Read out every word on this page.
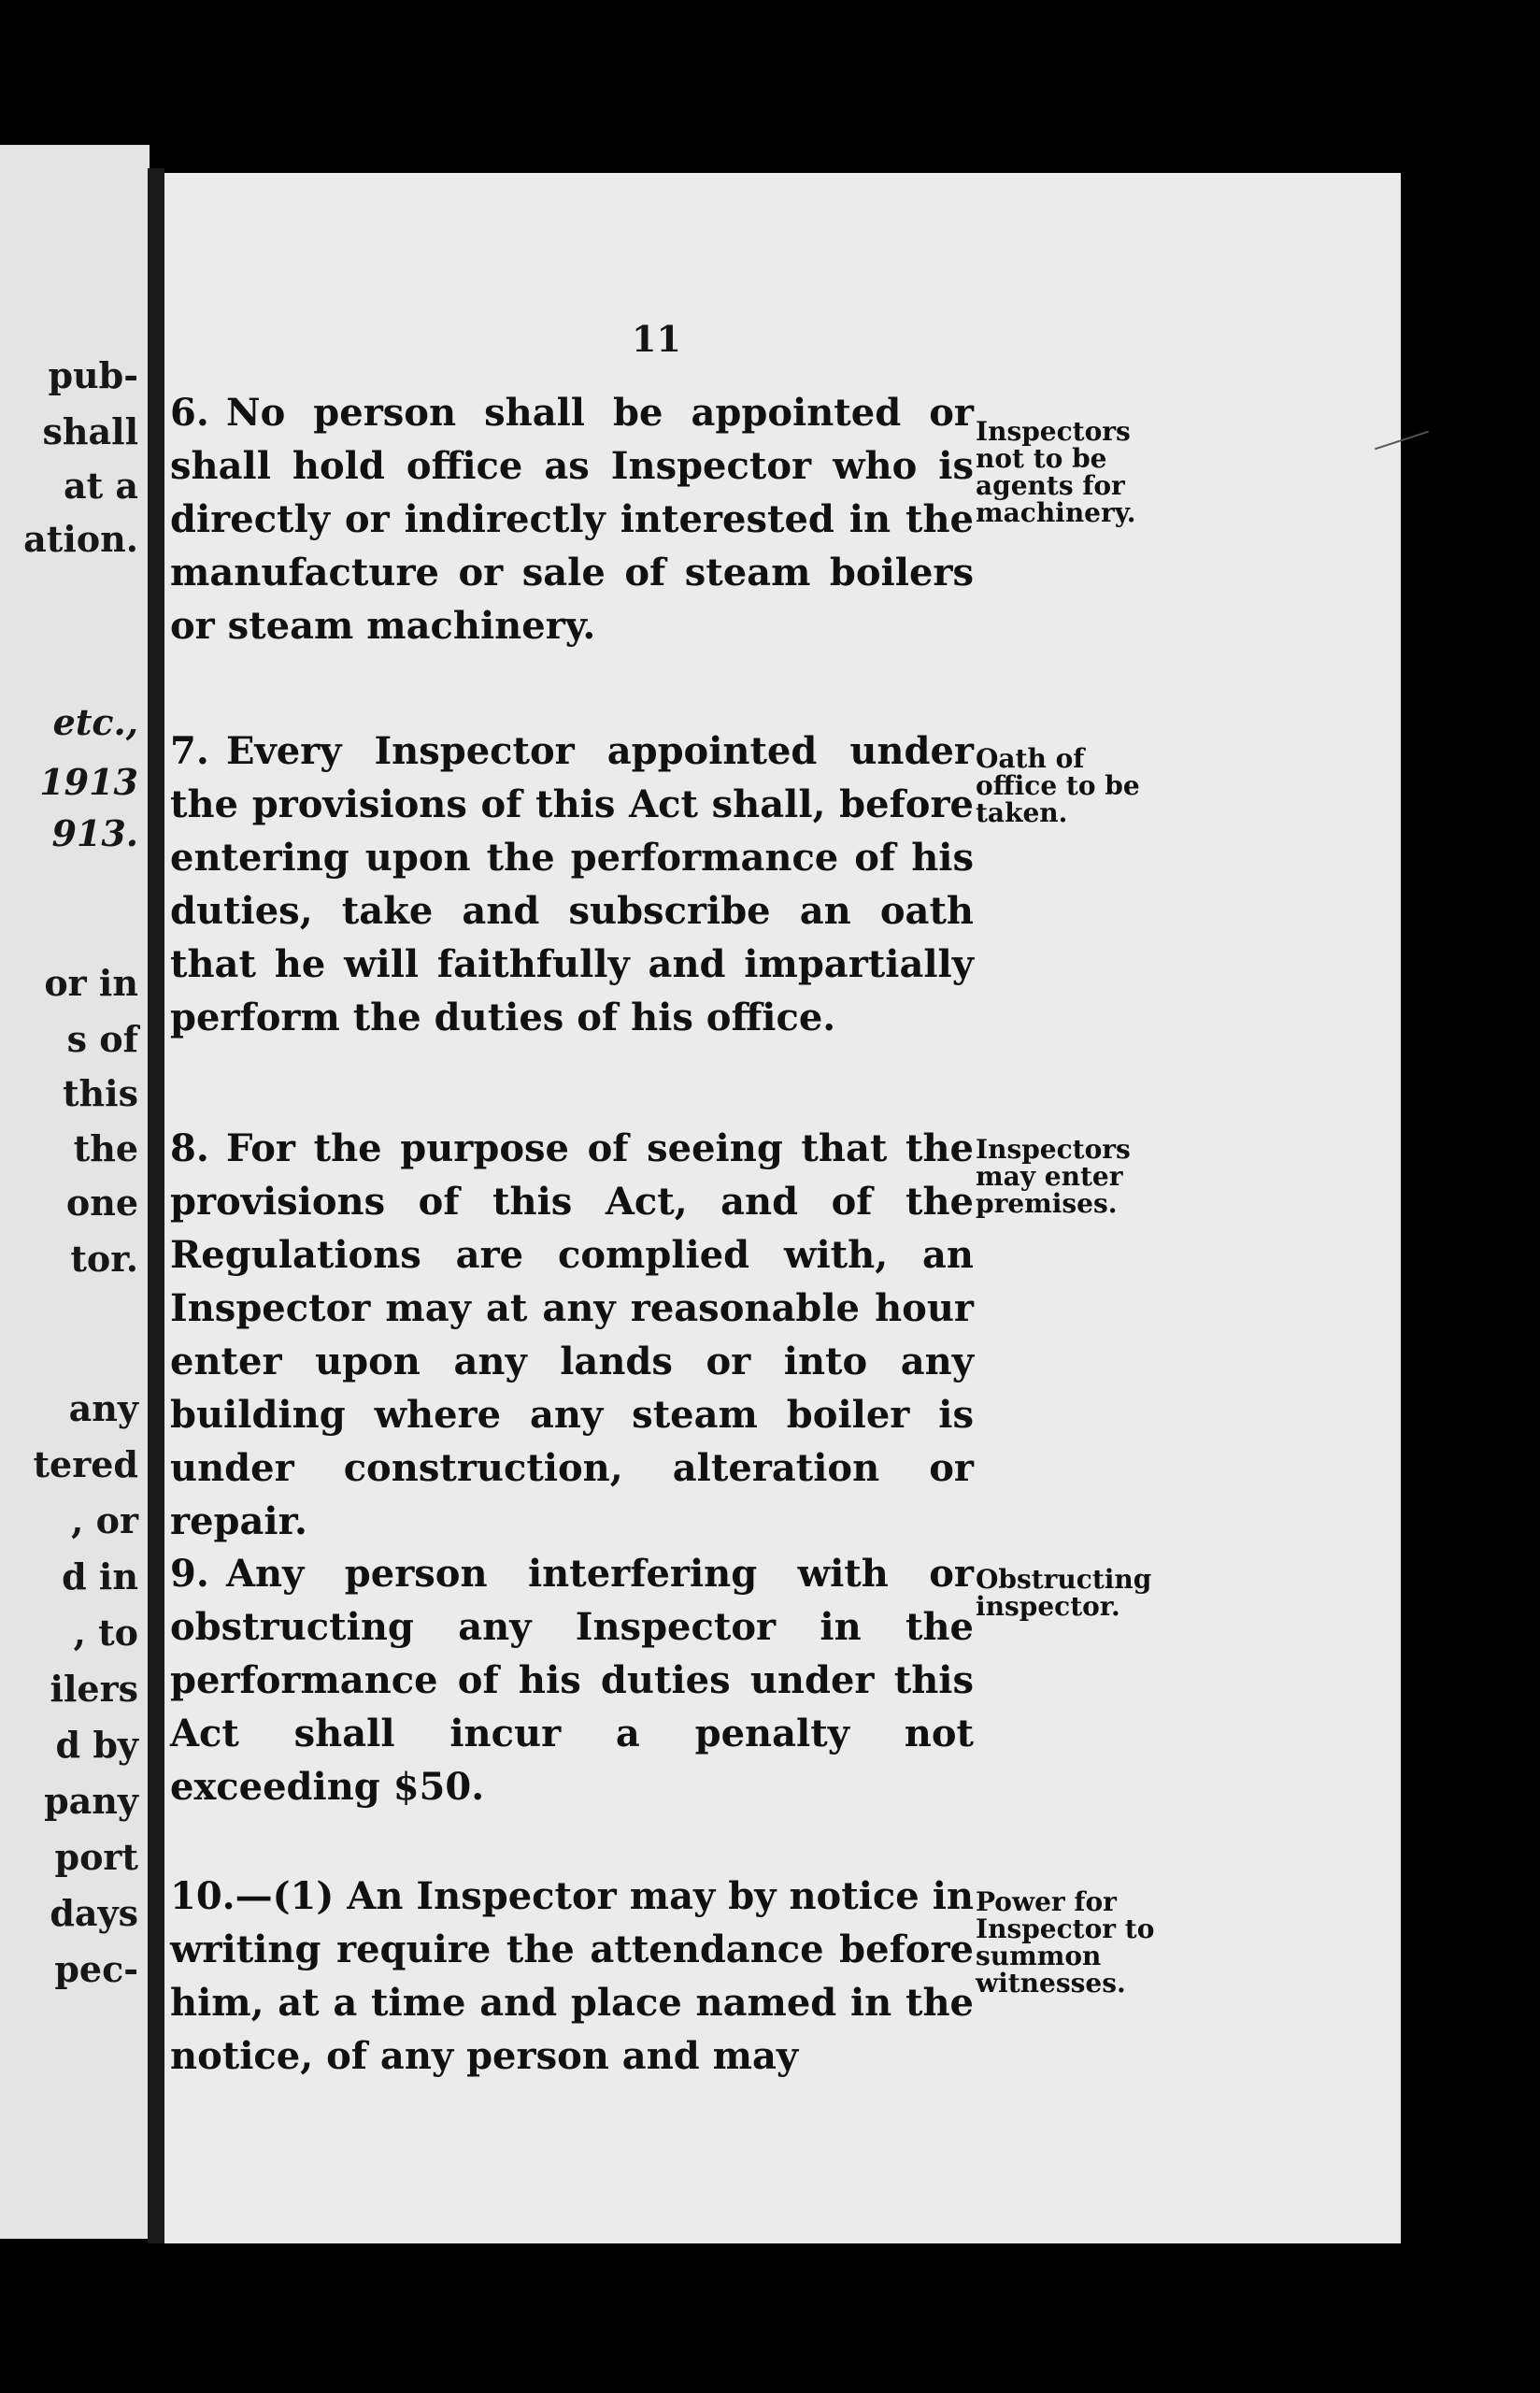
pub-
shall
at a
ation.
etc.,
1913
913.
or in
s of
this
the
one
tor.
any
tered
, or
d in
, to
ilers
d by
pany
port
days
pec-
11
6. No person shall be appointed or shall hold office as Inspector who is directly or indirectly interested in the manufacture or sale of steam boilers or steam machinery.
Inspectors not to be agents for machinery.
7. Every Inspector appointed under the provisions of this Act shall, before entering upon the performance of his duties, take and subscribe an oath that he will faithfully and impartially perform the duties of his office.
Oath of office to be taken.
8. For the purpose of seeing that the provisions of this Act, and of the Regulations are complied with, an Inspector may at any reasonable hour enter upon any lands or into any building where any steam boiler is under construction, alteration or repair.
Inspectors may enter premises.
9. Any person interfering with or obstructing any Inspector in the performance of his duties under this Act shall incur a penalty not exceeding $50.
Obstructing inspector.
10.—(1) An Inspector may by notice in writing require the attendance before him, at a time and place named in the notice, of any person and may
Power for Inspector to summon witnesses.
